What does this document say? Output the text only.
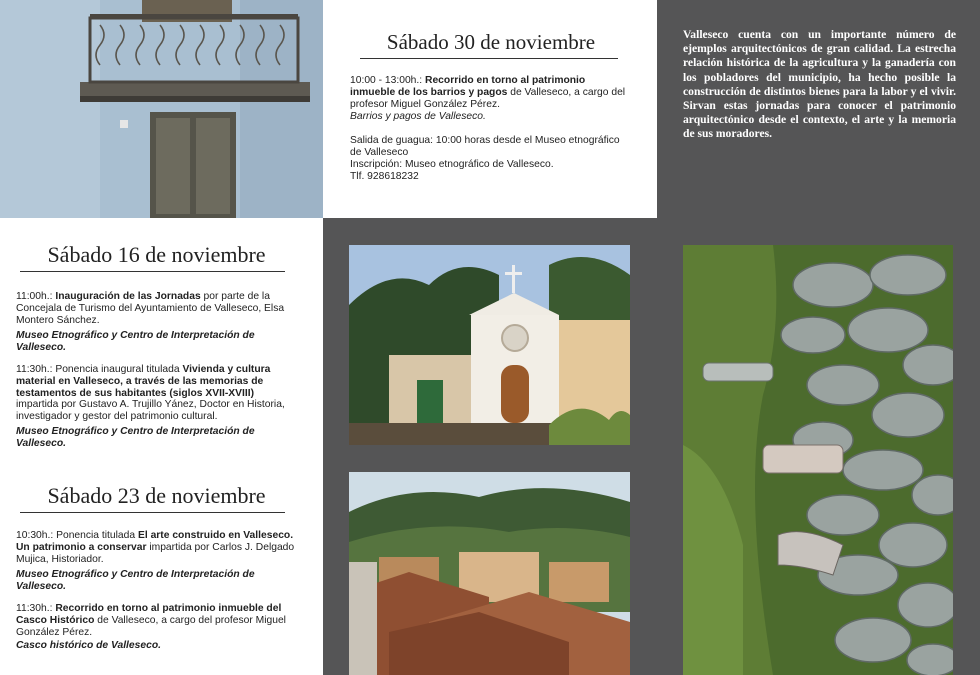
Sábado 30 de noviembre

10:00 - 13:00h.: Recorrido en torno al patrimonio inmueble de los barrios y pagos de Valleseco, a cargo del profesor Miguel González Pérez.

Barrios y pagos de Valleseco.

Salida de guagua: 10:00 horas desde el Museo etnográfico de Valleseco

Inscripción: Museo etnográfico de Valleseco.

Tlf. 928618232

Valleseco cuenta con un importante número de ejemplos arquitectónicos de gran calidad. La estrecha relación histórica de la agricultura y la ganadería con los pobladores del municipio, ha hecho posible la construcción de distintos bienes para la labor y el vivir. Sirvan estas jornadas para conocer el patrimonio arquitectónico desde el contexto, el arte y la memoria de sus moradores.

Sábado 16 de noviembre

11:00h.: Inauguración de las Jornadas por parte de la Concejala de Turismo del Ayuntamiento de Valleseco, Elsa Montero Sánchez.

Museo Etnográfico y Centro de Interpretación de Valleseco.

11:30h.: Ponencia inaugural titulada Vivienda y cultura material en Valleseco, a través de las memorias de testamentos de sus habitantes (siglos XVII-XVIII) impartida por Gustavo A. Trujillo Yánez, Doctor en Historia, investigador y gestor del patrimonio cultural.

Museo Etnográfico y Centro de Interpretación de Valleseco.

Sábado 23 de noviembre

10:30h.: Ponencia titulada El arte construido en Valleseco. Un patrimonio a conservar impartida por Carlos J. Delgado Mujica, Historiador.

Museo Etnográfico y Centro de Interpretación de Valleseco.

11:30h.: Recorrido en torno al patrimonio inmueble del Casco Histórico de Valleseco, a cargo del profesor Miguel González Pérez.

Casco histórico de Valleseco.
